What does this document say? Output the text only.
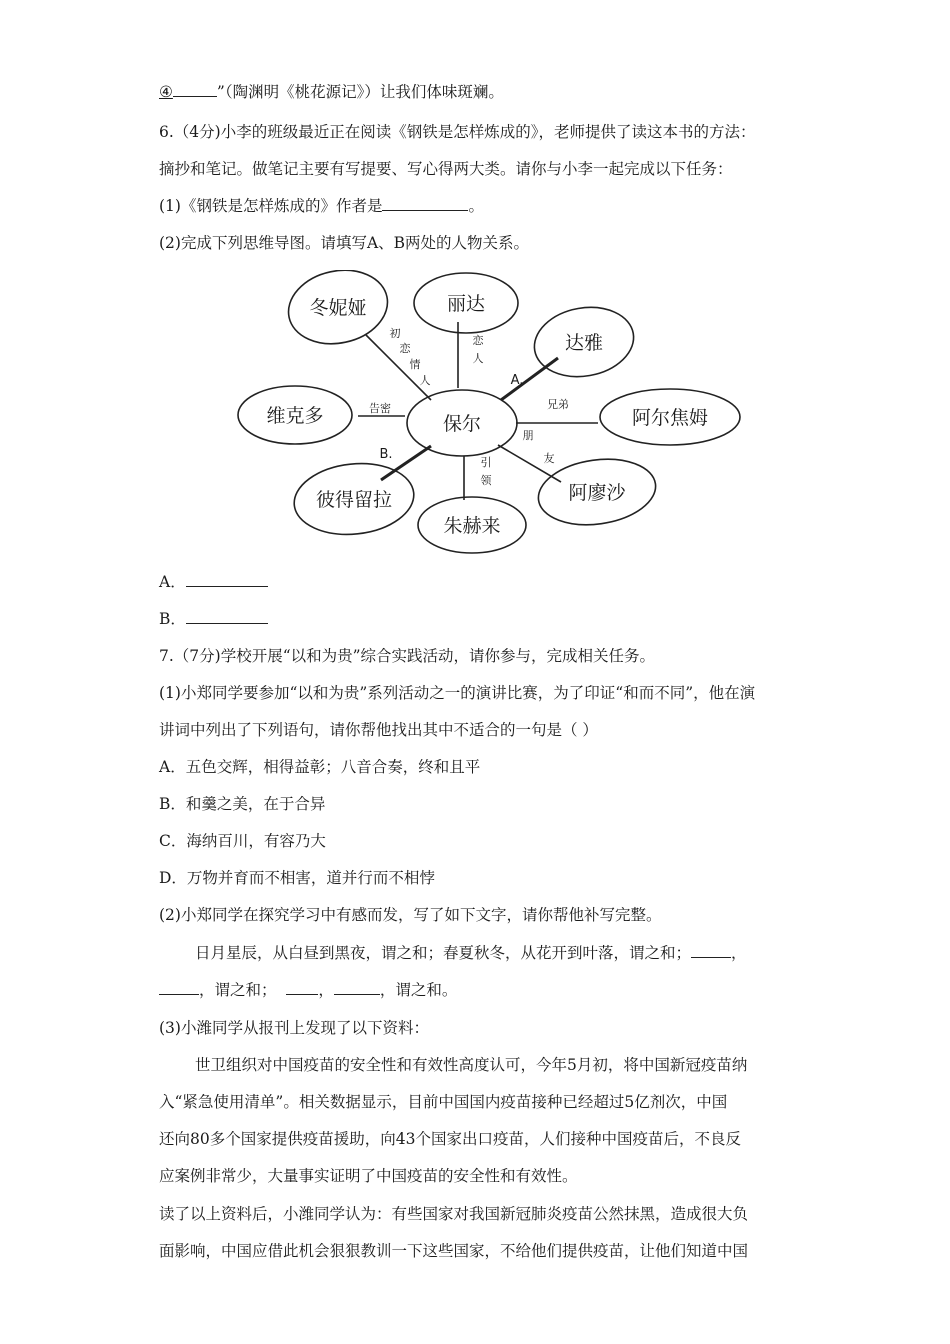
④	”（陶渊明《桃花源记》）让我们体味斑斓。
6.（4分)小李的班级最近正在阅读《钢铁是怎样炼成的》，老师提供了读这本书的方法：
摘抄和笔记。做笔记主要有写提要、写心得两大类。请你与小李一起完成以下任务：
(1)《钢铁是怎样炼成的》作者是	。
(2)完成下列思维导图。请填写A、B两处的人物关系。
保尔
冬妮娅	丽达
达雅
阿尔焦姆
阿廖沙
朱赫来
彼得留拉
维克多
初
恋
情
人
恋
人
兄弟
朋
友
引
领
告密
A.
B.
A．
B．
7.（7分)学校开展“以和为贵”综合实践活动，请你参与，完成相关任务。
(1)小郑同学要参加“以和为贵”系列活动之一的演讲比赛，为了印证“和而不同”，他在演
讲词中列出了下列语句，请你帮他找出其中不适合的一句是（ ）
A．五色交辉，相得益彰；八音合奏，终和且平
B．和羹之美，在于合异
C．海纳百川，有容乃大
D．万物并育而不相害，道并行而不相悖
(2)小郑同学在探究学习中有感而发，写了如下文字，请你帮他补写完整。
日月星辰，从白昼到黑夜，谓之和；春夏秋冬，从花开到叶落，谓之和；	，
，谓之和；	，	，谓之和。
(3)小潍同学从报刊上发现了以下资料：
世卫组织对中国疫苗的安全性和有效性高度认可，今年5月初，将中国新冠疫苗纳
入“紧急使用清单”。相关数据显示，目前中国国内疫苗接种已经超过5亿剂次，中国
还向80多个国家提供疫苗援助，向43个国家出口疫苗，人们接种中国疫苗后，不良反
应案例非常少，大量事实证明了中国疫苗的安全性和有效性。
读了以上资料后，小潍同学认为：有些国家对我国新冠肺炎疫苗公然抹黑，造成很大负
面影响，中国应借此机会狠狠教训一下这些国家，不给他们提供疫苗，让他们知道中国
